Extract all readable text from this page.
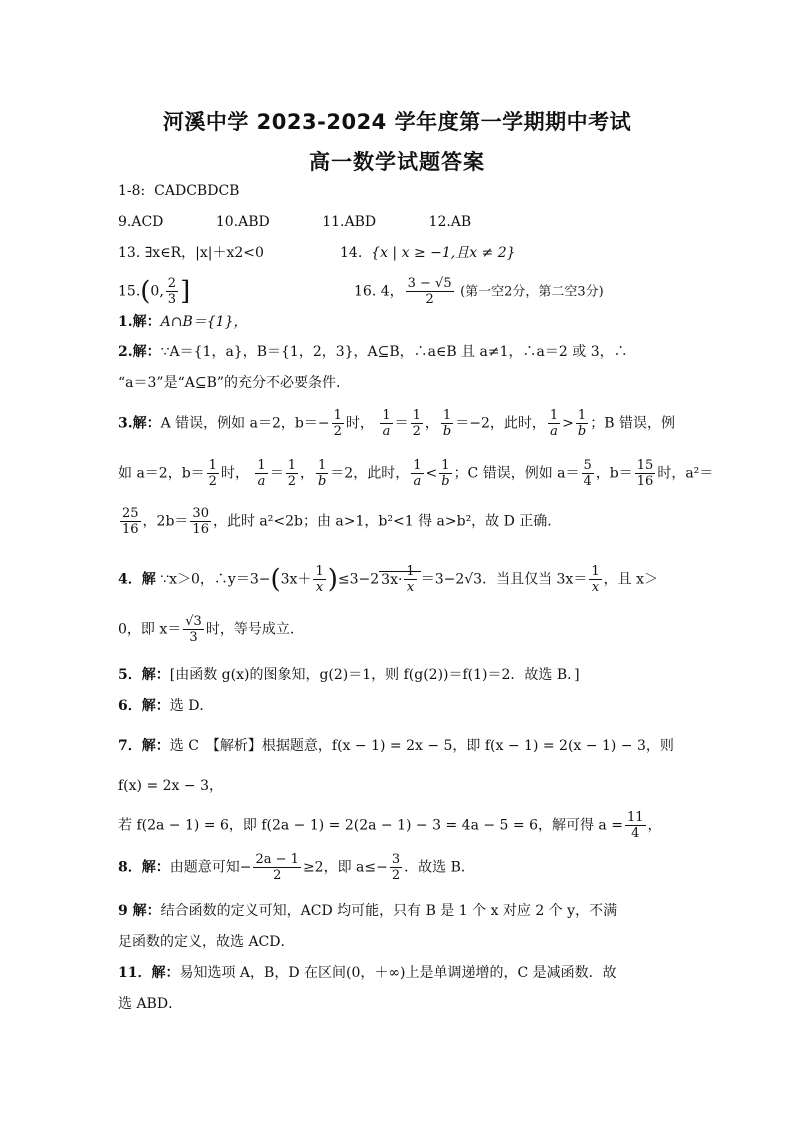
河溪中学 2023-2024 学年度第一学期期中考试
高一数学试题答案
1-8: CADCBDCB
9.ACD	10.ABD	11.ABD	12.AB
13. ∃x∈R，|x|＋x2<0	14. {x | x ≥ −1,且x ≠ 2}
15.(0, $\frac{2}{3}$ ]	16. 4， $\frac{3 - √5}{2}$ (第一空2分，第二空3分)
1.解：A∩B＝{1}，
2.解：∵A＝{1，a}，B＝{1，2，3}，A⊆B，∴a∈B 且 a≠1，∴a＝2 或 3，∴
“a＝3”是“A⊆B”的充分不必要条件.
3.解：A 错误，例如 a＝2，$b=- \frac{1}{2}$ 时， $\frac{1}{a} = \frac{1}{2}$ ， $\frac{1}{b} =-2$，此时， $\frac{1}{a} > \frac{1}{b}$ ；B 错误，例
如 a＝2，$b= \frac{1}{2}$ 时， $\frac{1}{a} = \frac{1}{2}$ ， $\frac{1}{b} =2$，此时， $\frac{1}{a} < \frac{1}{b}$ ；C 错误，例如 $a= \frac{5}{4}$ ，$b= \frac{15}{16}$ 时，a²＝
$\frac{25}{16}$ ，$2b= \frac{30}{16}$ ，此时 a²<2b；由 a>1，b²<1 得 a>b²，故 D 正确.
4．解 ∵x＞0，∴y＝3−(3x＋ $\frac{1}{x} )\le 3-2$ $3x\cdot \frac{1}{x} =3-2√3$．当且仅当 $3x= \frac{1}{x}$ ，且 x＞
0，即 $x= \frac{√3}{3}$ 时，等号成立.
5．解：[由函数 g(x)的图象知，g(2)＝1，则 f(g(2))＝f(1)＝2．故选 B．]
6．解：选 D．
7．解：选 C　【解析】根据题意，f(x − 1) = 2x − 5，即 f(x − 1) = 2(x − 1) − 3，则
f(x) = 2x − 3，
若 f(2a − 1) = 6，即 f(2a − 1) = 2(2a − 1) − 3 = 4a − 5 = 6，解可得 $a = \frac{11}{4}$ ，
8．解：由题意可知− $\frac{2a - 1}{2} \ge 2$，即 $a\le- \frac{3}{2}$ ．故选 B．
9 解：结合函数的定义可知，ACD 均可能，只有 B 是 1 个 x 对应 2 个 y，不满
足函数的定义，故选 ACD．
11．解：易知选项 A，B，D 在区间(0，＋∞)上是单调递增的，C 是减函数．故
选 ABD．
